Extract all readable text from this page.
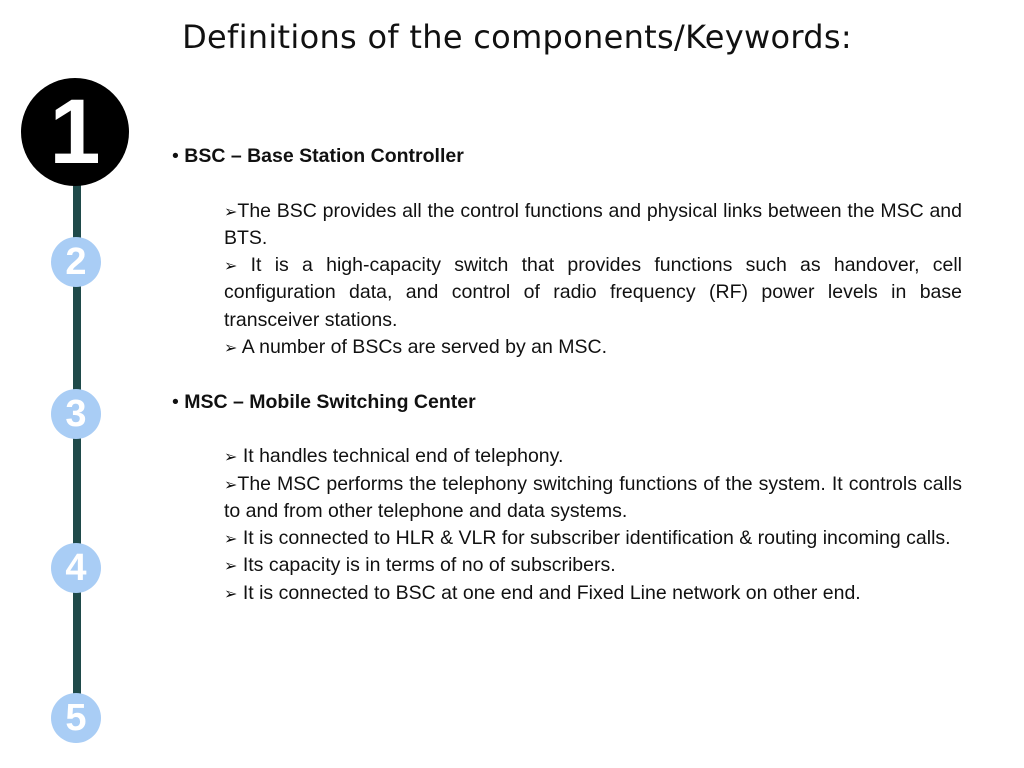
Definitions of the components/Keywords:
1
2
3
4
5

• BSC – Base Station Controller

➢The BSC provides all the control functions and physical links between the MSC and BTS.
➢ It is a high-capacity switch that provides functions such as handover, cell configuration data, and control of radio frequency (RF) power levels in base transceiver stations.
➢ A number of BSCs are served by an MSC.

• MSC – Mobile Switching Center

➢ It handles technical end of telephony.
➢The MSC performs the telephony switching functions of the system. It controls calls to and from other telephone and data systems.
➢ It is connected to HLR & VLR for subscriber identification & routing incoming calls.
➢ Its capacity is in terms of no of subscribers.
➢ It is connected to BSC at one end and Fixed Line network on other end.
